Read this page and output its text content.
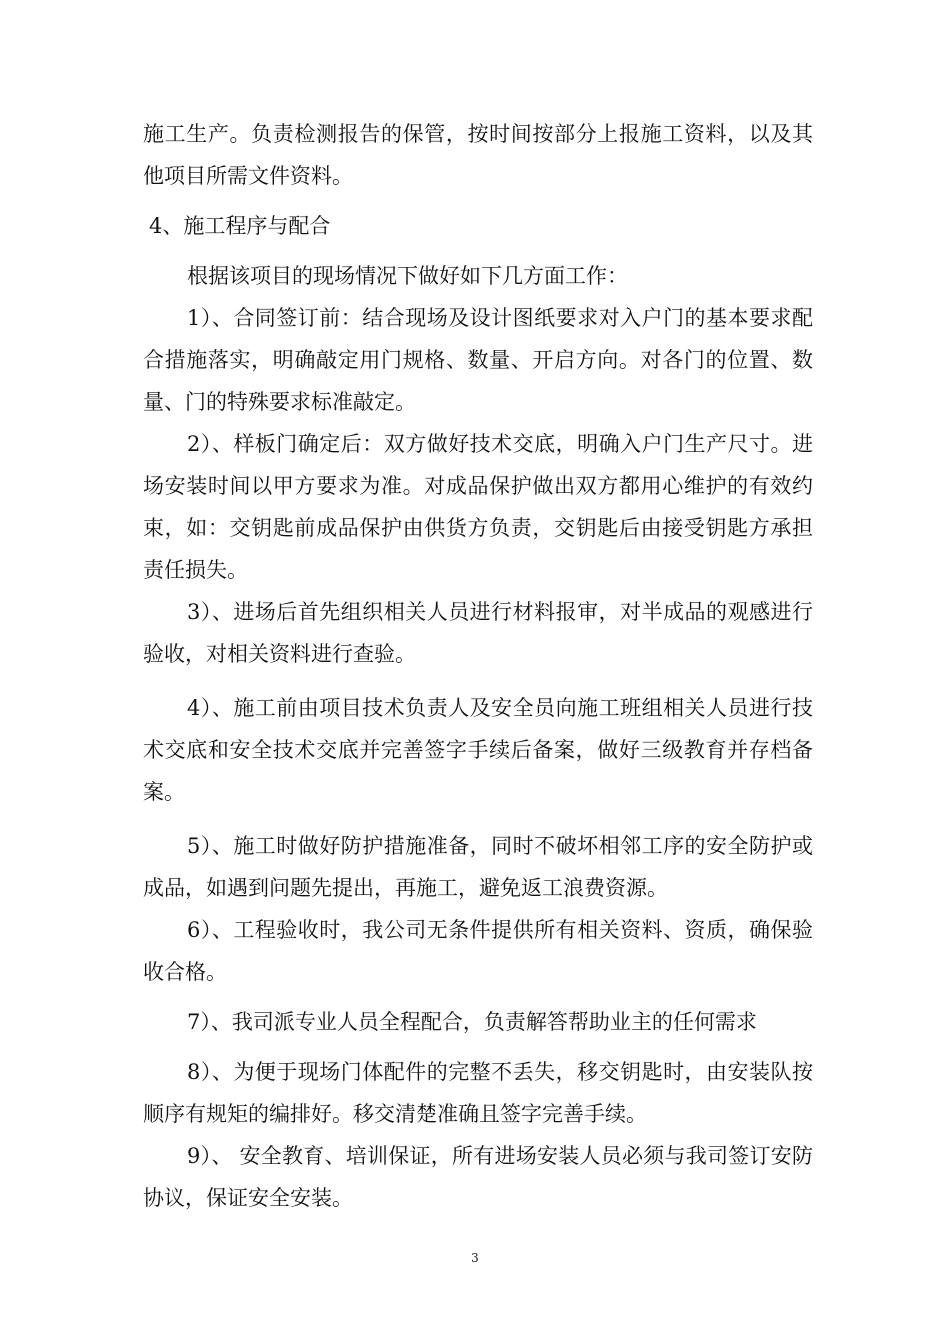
施工生产。负责检测报告的保管，按时间按部分上报施工资料，以及其他项目所需文件资料。

4、施工程序与配合

根据该项目的现场情况下做好如下几方面工作：

1）、合同签订前：结合现场及设计图纸要求对入户门的基本要求配合措施落实，明确敲定用门规格、数量、开启方向。对各门的位置、数量、门的特殊要求标准敲定。

2）、样板门确定后：双方做好技术交底，明确入户门生产尺寸。进场安装时间以甲方要求为准。对成品保护做出双方都用心维护的有效约束，如：交钥匙前成品保护由供货方负责，交钥匙后由接受钥匙方承担责任损失。

3）、进场后首先组织相关人员进行材料报审，对半成品的观感进行验收，对相关资料进行查验。

4）、施工前由项目技术负责人及安全员向施工班组相关人员进行技术交底和安全技术交底并完善签字手续后备案，做好三级教育并存档备案。

5）、施工时做好防护措施准备，同时不破坏相邻工序的安全防护或成品，如遇到问题先提出，再施工，避免返工浪费资源。

6）、工程验收时，我公司无条件提供所有相关资料、资质，确保验收合格。

7）、我司派专业人员全程配合，负责解答帮助业主的任何需求

8）、为便于现场门体配件的完整不丢失，移交钥匙时，由安装队按顺序有规矩的编排好。移交清楚准确且签字完善手续。

9）、 安全教育、培训保证，所有进场安装人员必须与我司签订安防协议，保证安全安装。

3
